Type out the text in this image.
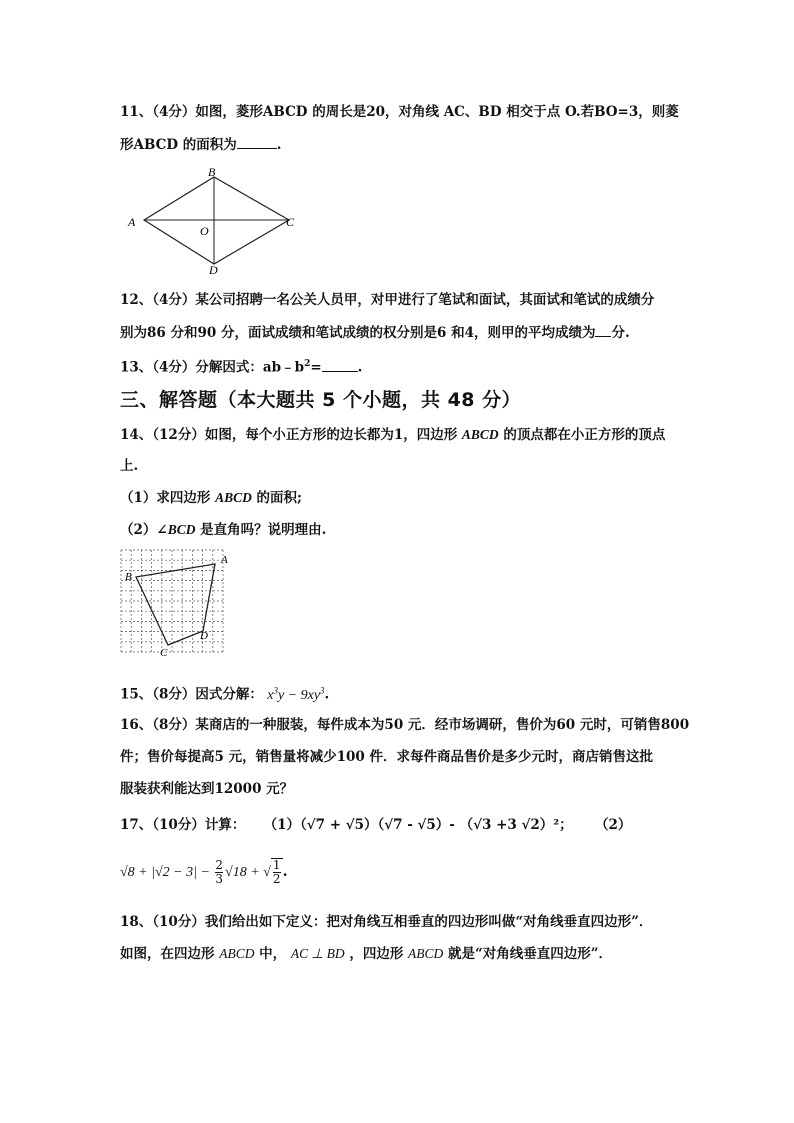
11、（4分）如图，菱形ABCD 的周长是20，对角线 AC、BD 相交于点 O.若BO=3，则菱
形ABCD 的面积为	.
B
A	C
O
D
12、（4分）某公司招聘一名公关人员甲，对甲进行了笔试和面试，其面试和笔试的成绩分
别为86 分和90 分，面试成绩和笔试成绩的权分别是6 和4，则甲的平均成绩为 分.
13、（4分）分解因式：$ab﹣b^2=$	.
三、解答题（本大题共 5 个小题，共 48 分）
14、（12分）如图，每个小正方形的边长都为1，四边形 ABCD 的顶点都在小正方形的顶点
上.
（1）求四边形 ABCD 的面积;
（2）∠BCD 是直角吗？说明理由.
B
A
D
C
15、（8分）因式分解： $x^3y - 9xy^3$.
16、（8分）某商店的一种服装，每件成本为50 元．经市场调研，售价为60 元时，可销售800
件；售价每提高5 元，销售量将减少100 件．求每件商品售价是多少元时，商店销售这批
服装获利能达到12000 元？
17、（10分）计算： （1）（√7 + √5）（√7 - √5）- （√3 +3 √2）²； （2）
$√8 + |√2 - 3| - \frac{2}{3} √18$ + √ $\frac{1}{2}$ .
18、（10分）我们给出如下定义：把对角线互相垂直的四边形叫做“对角线垂直四边形”．
如图，在四边形 ABCD 中， AC ⊥ BD ，四边形 ABCD 就是“对角线垂直四边形”．
